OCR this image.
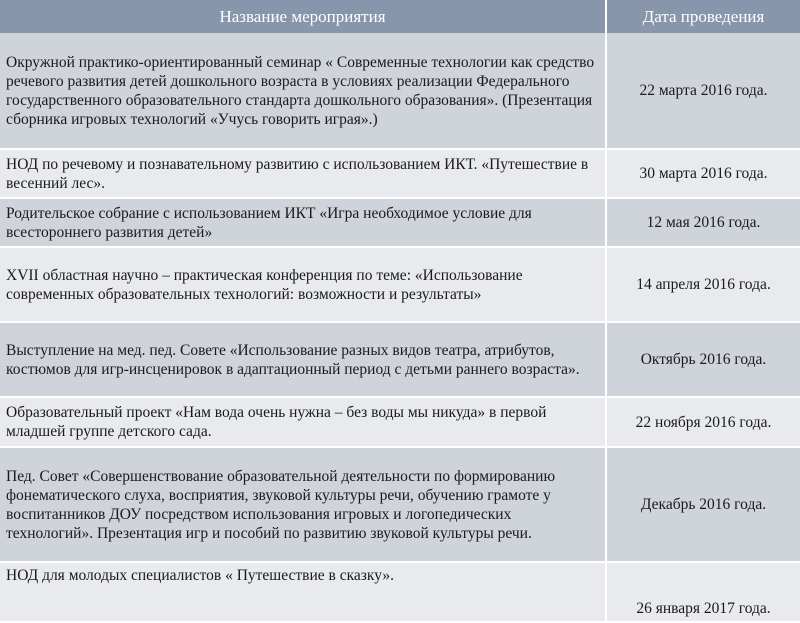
Название мероприятия	Дата проведения
Окружной практико-ориентированный семинар « Современные технологии как средство речевого развития детей дошкольного возраста в условиях реализации Федерального государственного образовательного стандарта дошкольного образования». (Презентация сборника игровых технологий «Учусь говорить играя».)	22 марта 2016 года.
НОД по речевому и познавательному развитию с использованием ИКТ. «Путешествие в весенний лес».	30 марта 2016 года.
Родительское собрание с использованием ИКТ «Игра необходимое условие для всестороннего развития детей»	12 мая 2016 года.
XVII областная научно – практическая конференция по теме: «Использование современных образовательных технологий: возможности и результаты»	14 апреля 2016 года.
Выступление на мед. пед. Совете «Использование разных видов театра, атрибутов, костюмов для игр-инсценировок в адаптационный период с детьми раннего возраста».	Октябрь 2016 года.
Образовательный проект «Нам вода очень нужна – без воды мы никуда» в первой младшей группе детского сада.	22 ноября 2016 года.
Пед. Совет «Совершенствование образовательной деятельности по формированию фонематического слуха, восприятия, звуковой культуры речи, обучению грамоте у воспитанников ДОУ посредством использования игровых и логопедических технологий». Презентация игр и пособий по развитию звуковой культуры речи.	Декабрь 2016 года.
НОД для молодых специалистов « Путешествие в сказку».	26 января 2017 года.
